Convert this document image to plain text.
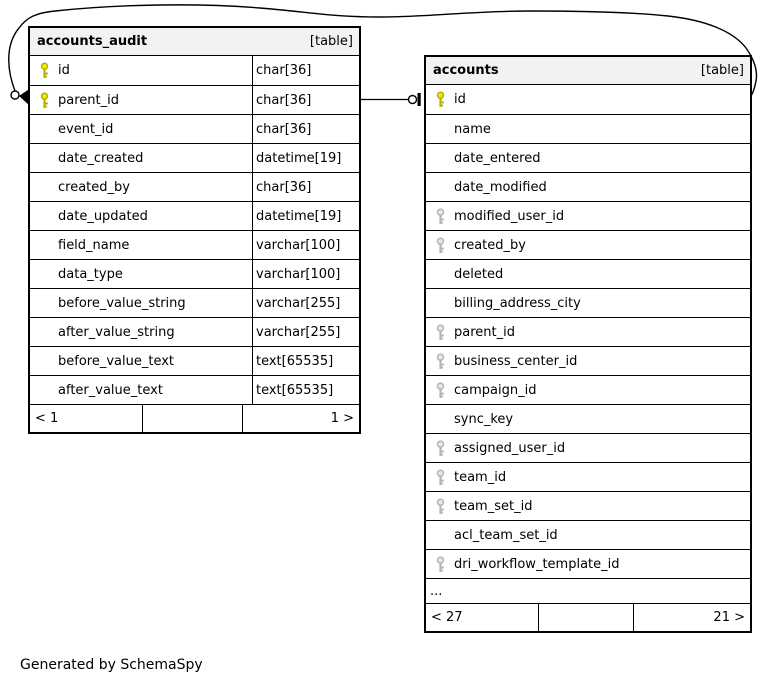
accounts_audit	[table]
id	char[36]
parent_id	char[36]
event_id	char[36]
date_created	datetime[19]
created_by	char[36]
date_updated	datetime[19]
field_name	varchar[100]
data_type	varchar[100]
before_value_string	varchar[255]
after_value_string	varchar[255]
before_value_text	text[65535]
after_value_text	text[65535]
< 1	1 >
accounts	[table]
id
name
date_entered
date_modified
modified_user_id
created_by
deleted
billing_address_city
parent_id
business_center_id
campaign_id
sync_key
assigned_user_id
team_id
team_set_id
acl_team_set_id
dri_workflow_template_id
...
< 27	21 >
Generated by SchemaSpy
